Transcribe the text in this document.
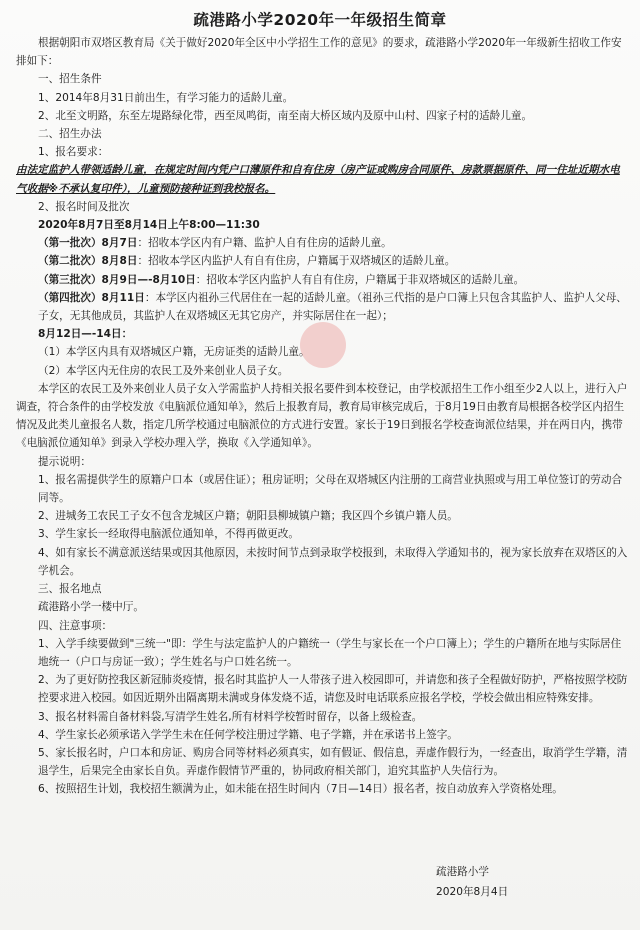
疏港路小学2020年一年级招生简章

根据朝阳市双塔区教育局《关于做好2020年全区中小学招生工作的意见》的要求，疏港路小学2020年一年级新生招收工作安排如下：

一、招生条件

1、2014年8月31日前出生，有学习能力的适龄儿童。

2、北至文明路，东至左堤路绿化带，西至凤鸣街，南至南大桥区域内及原中山村、四家子村的适龄儿童。

二、招生办法

1、报名要求：

由法定监护人带领适龄儿童，在规定时间内凭户口薄原件和自有住房（房产证或购房合同原件、房款票据原件、同一住址近期水电气收据※不承认复印件），儿童预防接种证到我校报名。

2、报名时间及批次

2020年8月7日至8月14日上午8:00—11:30

（第一批次）8月7日：招收本学区内有户籍、监护人自有住房的适龄儿童。

（第二批次）8月8日：招收本学区内监护人有自有住房，户籍属于双塔城区的适龄儿童。

（第三批次）8月9日—-8月10日：招收本学区内监护人有自有住房，户籍属于非双塔城区的适龄儿童。

（第四批次）8月11日：本学区内祖孙三代居住在一起的适龄儿童。（祖孙三代指的是户口簿上只包含其监护人、监护人父母、子女，无其他成员，其监护人在双塔城区无其它房产，并实际居住在一起）；

8月12日—-14日：

（1）本学区内具有双塔城区户籍，无房证类的适龄儿童。

（2）本学区内无住房的农民工及外来创业人员子女。

本学区的农民工及外来创业人员子女入学需监护人持相关报名要件到本校登记，由学校派招生工作小组至少2人以上，进行入户调查，符合条件的由学校发放《电脑派位通知单》，然后上报教育局，教育局审核完成后，于8月19日由教育局根据各校学区内招生情况及此类儿童报名人数，指定几所学校通过电脑派位的方式进行安置。家长于19日到报名学校查询派位结果，并在两日内，携带《电脑派位通知单》到录入学校办理入学，换取《入学通知单》。

提示说明：

1、报名需提供学生的原籍户口本（或居住证）；租房证明；父母在双塔城区内注册的工商营业执照或与用工单位签订的劳动合同等。

2、进城务工农民工子女不包含龙城区户籍；朝阳县柳城镇户籍；我区四个乡镇户籍人员。

3、学生家长一经取得电脑派位通知单，不得再做更改。

4、如有家长不满意派送结果或因其他原因，未按时间节点到录取学校报到，未取得入学通知书的，视为家长放弃在双塔区的入学机会。

三、报名地点

疏港路小学一楼中厅。

四、注意事项：

1、入学手续要做到"三统一"即：学生与法定监护人的户籍统一（学生与家长在一个户口簿上）；学生的户籍所在地与实际居住地统一（户口与房证一致）；学生姓名与户口姓名统一。

2、为了更好防控我区新冠肺炎疫情，报名时其监护人一人带孩子进入校园即可，并请您和孩子全程做好防护，严格按照学校防控要求进入校园。如因近期外出隔离期未满或身体发烧不适，请您及时电话联系应报名学校，学校会做出相应特殊安排。

3、报名材料需自备材料袋,写清学生姓名,所有材料学校暂时留存，以备上级检查。

4、学生家长必须承诺入学学生未在任何学校注册过学籍、电子学籍，并在承诺书上签字。

5、家长报名时，户口本和房证、购房合同等材料必须真实，如有假证、假信息，弄虚作假行为，一经查出，取消学生学籍，清退学生，后果完全由家长自负。弄虚作假情节严重的，协同政府相关部门，追究其监护人失信行为。

6、按照招生计划，我校招生额满为止，如未能在招生时间内（7日—14日）报名者，按自动放弃入学资格处理。

疏港路小学
2020年8月4日
